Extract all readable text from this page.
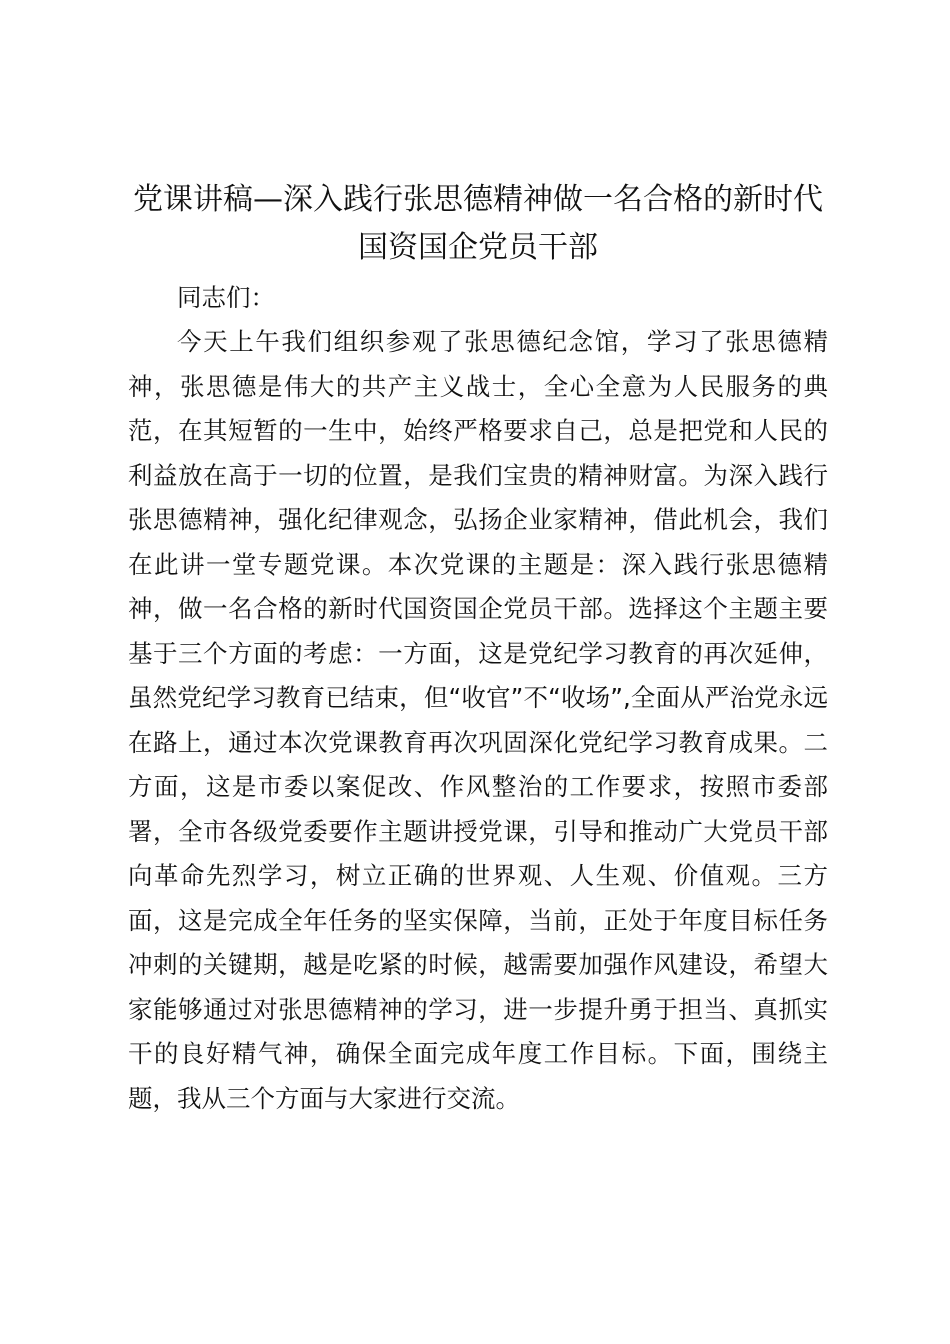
党课讲稿—深入践行张思德精神做一名合格的新时代国资国企党员干部

同志们：

今天上午我们组织参观了张思德纪念馆，学习了张思德精神，张思德是伟大的共产主义战士，全心全意为人民服务的典范，在其短暂的一生中，始终严格要求自己，总是把党和人民的利益放在高于一切的位置，是我们宝贵的精神财富。为深入践行张思德精神，强化纪律观念，弘扬企业家精神，借此机会，我们在此讲一堂专题党课。本次党课的主题是：深入践行张思德精神，做一名合格的新时代国资国企党员干部。选择这个主题主要基于三个方面的考虑：一方面，这是党纪学习教育的再次延伸，虽然党纪学习教育已结束，但“收官”不“收场”,全面从严治党永远在路上，通过本次党课教育再次巩固深化党纪学习教育成果。二方面，这是市委以案促改、作风整治的工作要求，按照市委部署，全市各级党委要作主题讲授党课，引导和推动广大党员干部向革命先烈学习，树立正确的世界观、人生观、价值观。三方面，这是完成全年任务的坚实保障，当前，正处于年度目标任务冲刺的关键期，越是吃紧的时候，越需要加强作风建设，希望大家能够通过对张思德精神的学习，进一步提升勇于担当、真抓实干的良好精气神，确保全面完成年度工作目标。下面，围绕主题，我从三个方面与大家进行交流。
